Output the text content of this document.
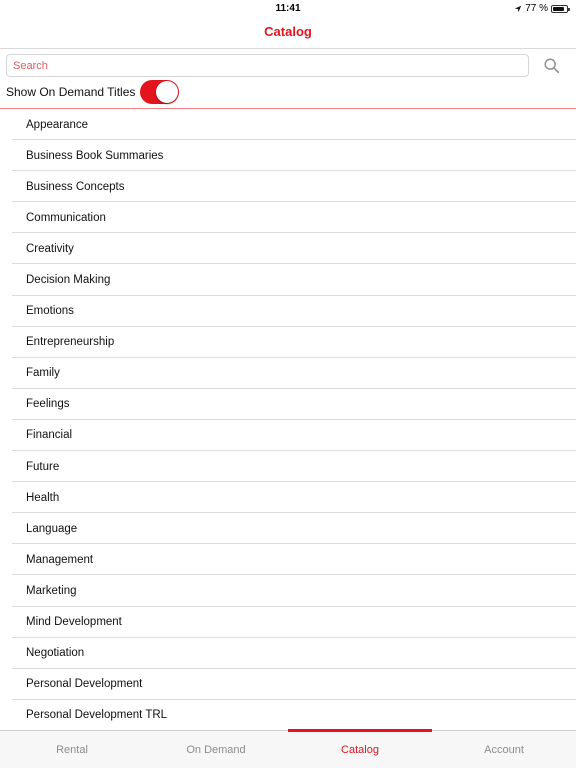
11:41	77 %
Catalog
Search
Show On Demand Titles
Appearance
Business Book Summaries
Business Concepts
Communication
Creativity
Decision Making
Emotions
Entrepreneurship
Family
Feelings
Financial
Future
Health
Language
Management
Marketing
Mind Development
Negotiation
Personal Development
Personal Development TRL
Rental	On Demand	Catalog	Account
